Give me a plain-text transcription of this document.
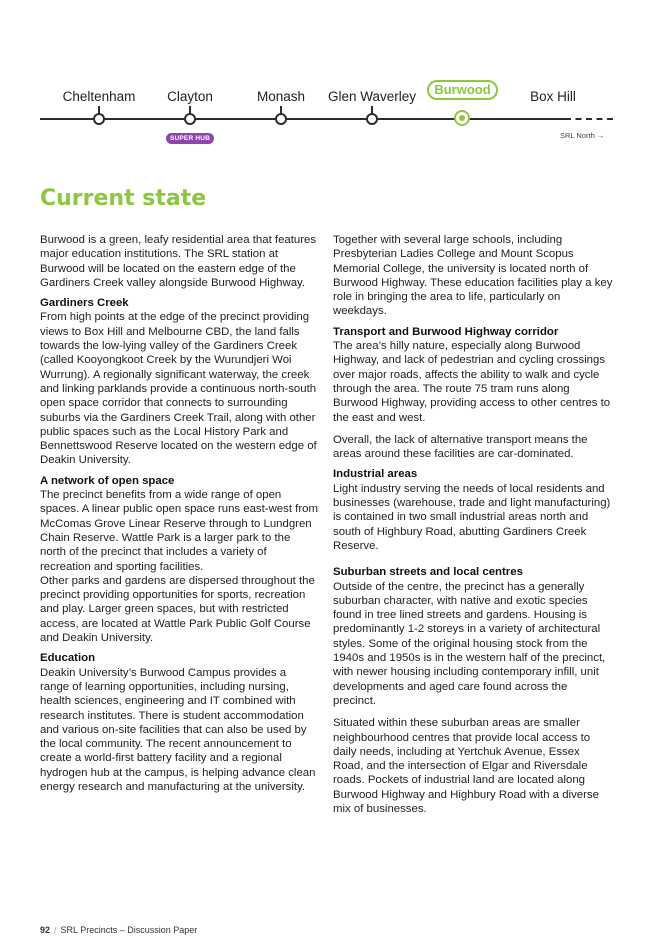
Cheltenham Clayton	Monash Glen Waverley	Burwood	Box Hill
SUPER HUB	SRL North →
Current state

Burwood is a green, leafy residential area that features major education institutions. The SRL station at Burwood will be located on the eastern edge of the Gardiners Creek valley alongside Burwood Highway.

Gardiners Creek

From high points at the edge of the precinct providing views to Box Hill and Melbourne CBD, the land falls towards the low-lying valley of the Gardiners Creek (called Kooyongkoot Creek by the Wurundjeri Woi Wurrung). A regionally significant waterway, the creek and linking parklands provide a continuous north-south open space corridor that connects to surrounding suburbs via the Gardiners Creek Trail, along with other public spaces such as the Local History Park and Bennettswood Reserve located on the western edge of Deakin University.

A network of open space

The precinct benefits from a wide range of open spaces. A linear public open space runs east-west from McComas Grove Linear Reserve through to Lundgren Chain Reserve. Wattle Park is a larger park to the north of the precinct that includes a variety of recreation and sporting facilities.

Other parks and gardens are dispersed throughout the precinct providing opportunities for sports, recreation and play. Larger green spaces, but with restricted access, are located at Wattle Park Public Golf Course and Deakin University.

Education

Deakin University’s Burwood Campus provides a range of learning opportunities, including nursing, health sciences, engineering and IT combined with research institutes. There is student accommodation and various on-site facilities that can also be used by the local community. The recent announcement to create a world-first battery facility and a regional hydrogen hub at the campus, is helping advance clean energy research and manufacturing at the university.

Together with several large schools, including Presbyterian Ladies College and Mount Scopus Memorial College, the university is located north of Burwood Highway. These education facilities play a key role in bringing the area to life, particularly on weekdays.

Transport and Burwood Highway corridor

The area’s hilly nature, especially along Burwood Highway, and lack of pedestrian and cycling crossings over major roads, affects the ability to walk and cycle through the area. The route 75 tram runs along Burwood Highway, providing access to other centres to the east and west.

Overall, the lack of alternative transport means the areas around these facilities are car-dominated.

Industrial areas

Light industry serving the needs of local residents and businesses (warehouse, trade and light manufacturing) is contained in two small industrial areas north and south of Highbury Road, abutting Gardiners Creek Reserve.

Suburban streets and local centres

Outside of the centre, the precinct has a generally suburban character, with native and exotic species found in tree lined streets and gardens. Housing is predominantly 1-2 storeys in a variety of architectural styles. Some of the original housing stock from the 1940s and 1950s is in the western half of the precinct, with newer housing including contemporary infill, unit developments and aged care found across the precinct.

Situated within these suburban areas are smaller neighbourhood centres that provide local access to daily needs, including at Yertchuk Avenue, Essex Road, and the intersection of Elgar and Riversdale roads. Pockets of industrial land are located along Burwood Highway and Highbury Road with a diverse mix of businesses.

92 / SRL Precincts – Discussion Paper
